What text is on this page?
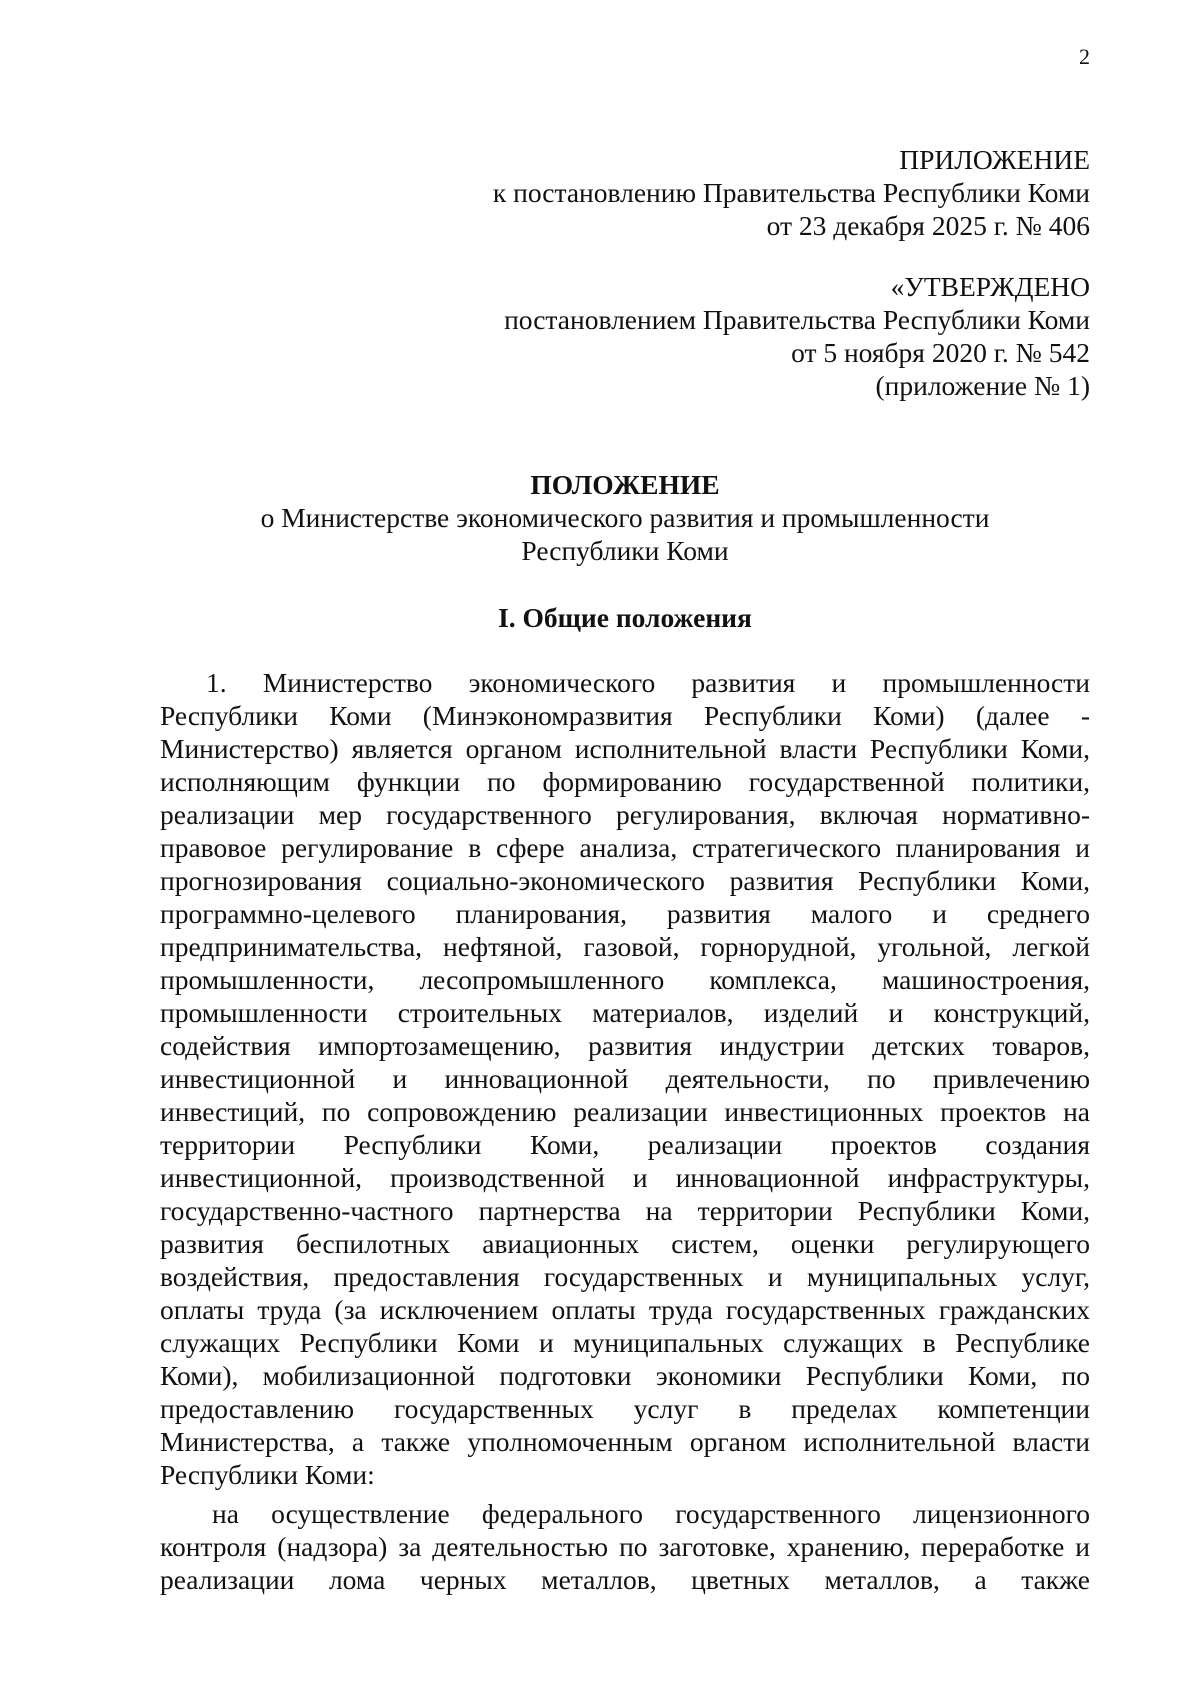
2
ПРИЛОЖЕНИЕ
к постановлению Правительства Республики Коми
от 23 декабря 2025 г. № 406
«УТВЕРЖДЕНО
постановлением Правительства Республики Коми
от 5 ноября 2020 г. № 542
(приложение № 1)
ПОЛОЖЕНИЕ
о Министерстве экономического развития и промышленности
Республики Коми
I. Общие положения
1. Министерство экономического развития и промышленности
Республики Коми (Минэкономразвития Республики Коми) (далее -
Министерство) является органом исполнительной власти Республики Коми,
исполняющим функции по формированию государственной политики,
реализации мер государственного регулирования, включая нормативно-
правовое регулирование в сфере анализа, стратегического планирования и
прогнозирования социально-экономического развития Республики Коми,
программно-целевого планирования, развития малого и среднего
предпринимательства, нефтяной, газовой, горнорудной, угольной, легкой
промышленности, лесопромышленного комплекса, машиностроения,
промышленности строительных материалов, изделий и конструкций,
содействия импортозамещению, развития индустрии детских товаров,
инвестиционной и инновационной деятельности, по привлечению
инвестиций, по сопровождению реализации инвестиционных проектов на
территории Республики Коми, реализации проектов создания
инвестиционной, производственной и инновационной инфраструктуры,
государственно-частного партнерства на территории Республики Коми,
развития беспилотных авиационных систем, оценки регулирующего
воздействия, предоставления государственных и муниципальных услуг,
оплаты труда (за исключением оплаты труда государственных гражданских
служащих Республики Коми и муниципальных служащих в Республике
Коми), мобилизационной подготовки экономики Республики Коми, по
предоставлению государственных услуг в пределах компетенции
Министерства, а также уполномоченным органом исполнительной власти
Республики Коми:
на осуществление федерального государственного лицензионного
контроля (надзора) за деятельностью по заготовке, хранению, переработке и
реализации лома черных металлов, цветных металлов, а также
